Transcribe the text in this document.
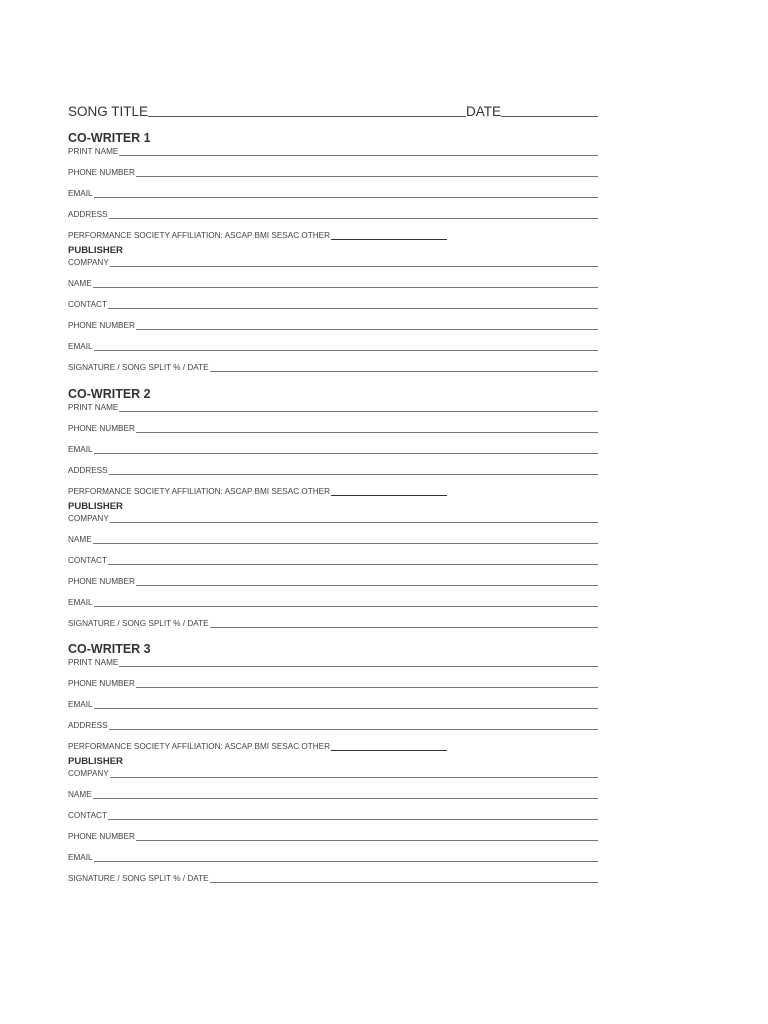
SONG TITLE	DATE
CO-WRITER 1
PRINT NAME
PHONE NUMBER
EMAIL
ADDRESS
PERFORMANCE SOCIETY AFFILIATION: ASCAP BMI SESAC OTHER
PUBLISHER
COMPANY
NAME
CONTACT
PHONE NUMBER
EMAIL
SIGNATURE / SONG SPLIT % / DATE
CO-WRITER 2
PRINT NAME
PHONE NUMBER
EMAIL
ADDRESS
PERFORMANCE SOCIETY AFFILIATION: ASCAP BMI SESAC OTHER
PUBLISHER
COMPANY
NAME
CONTACT
PHONE NUMBER
EMAIL
SIGNATURE / SONG SPLIT % / DATE
CO-WRITER 3
PRINT NAME
PHONE NUMBER
EMAIL
ADDRESS
PERFORMANCE SOCIETY AFFILIATION: ASCAP BMI SESAC OTHER
PUBLISHER
COMPANY
NAME
CONTACT
PHONE NUMBER
EMAIL
SIGNATURE / SONG SPLIT % / DATE
